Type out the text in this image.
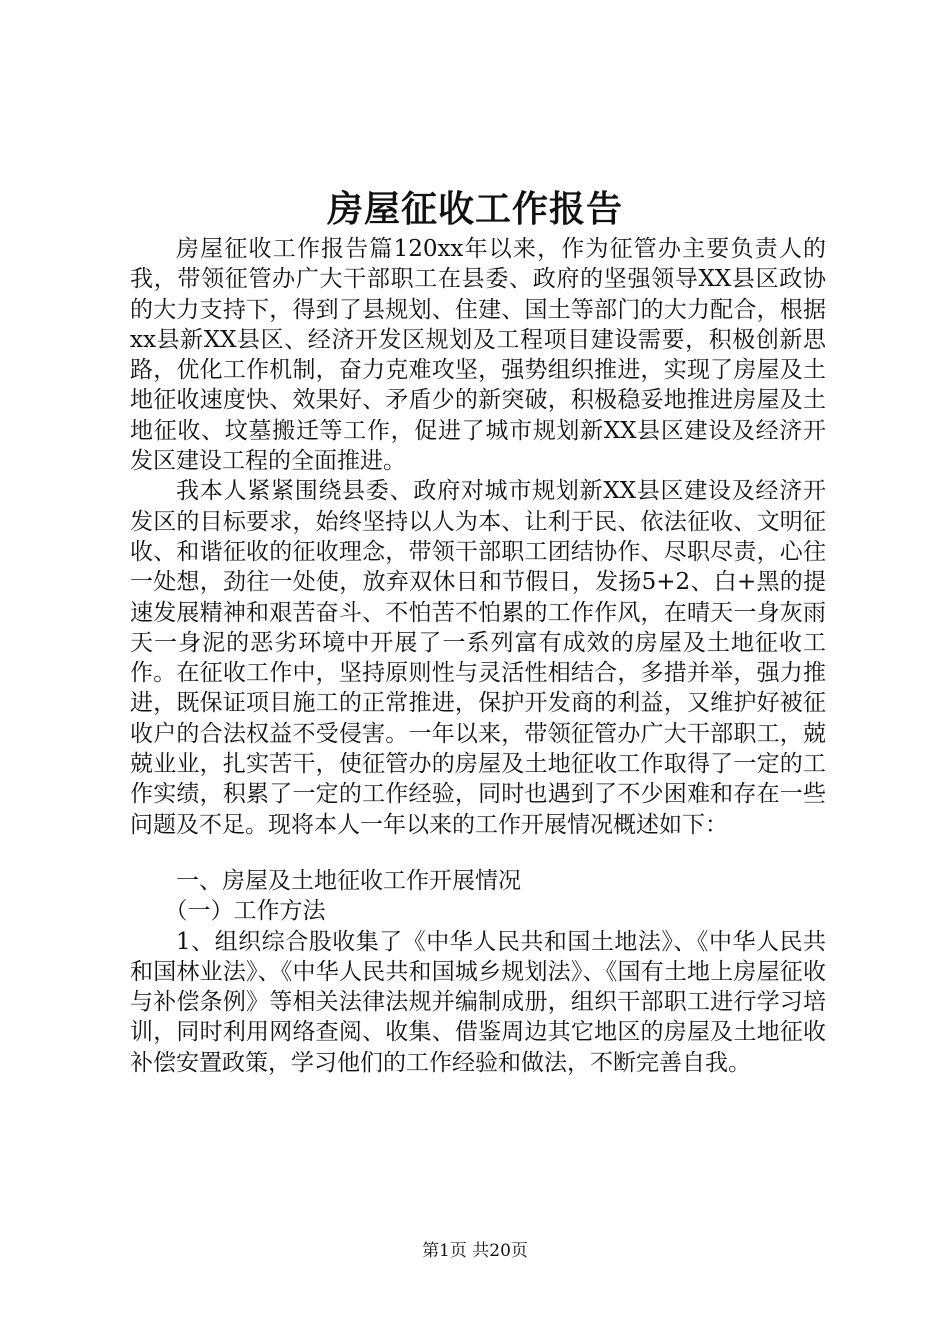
房屋征收工作报告

房屋征收工作报告篇120xx年以来，作为征管办主要负责人的我，带领征管办广大干部职工在县委、政府的坚强领导XX县区政协的大力支持下，得到了县规划、住建、国土等部门的大力配合，根据xx县新XX县区、经济开发区规划及工程项目建设需要，积极创新思路，优化工作机制，奋力克难攻坚，强势组织推进，实现了房屋及土地征收速度快、效果好、矛盾少的新突破，积极稳妥地推进房屋及土地征收、坟墓搬迁等工作，促进了城市规划新XX县区建设及经济开发区建设工程的全面推进。

我本人紧紧围绕县委、政府对城市规划新XX县区建设及经济开发区的目标要求，始终坚持以人为本、让利于民、依法征收、文明征收、和谐征收的征收理念，带领干部职工团结协作、尽职尽责，心往一处想，劲往一处使，放弃双休日和节假日，发扬5+2、白+黑的提速发展精神和艰苦奋斗、不怕苦不怕累的工作作风，在晴天一身灰雨天一身泥的恶劣环境中开展了一系列富有成效的房屋及土地征收工作。在征收工作中，坚持原则性与灵活性相结合，多措并举，强力推进，既保证项目施工的正常推进，保护开发商的利益，又维护好被征收户的合法权益不受侵害。一年以来，带领征管办广大干部职工，兢兢业业，扎实苦干，使征管办的房屋及土地征收工作取得了一定的工作实绩，积累了一定的工作经验，同时也遇到了不少困难和存在一些问题及不足。现将本人一年以来的工作开展情况概述如下：

一、房屋及土地征收工作开展情况

（一）工作方法

1、组织综合股收集了《中华人民共和国土地法》、《中华人民共和国林业法》、《中华人民共和国城乡规划法》、《国有土地上房屋征收与补偿条例》等相关法律法规并编制成册，组织干部职工进行学习培训，同时利用网络查阅、收集、借鉴周边其它地区的房屋及土地征收补偿安置政策，学习他们的工作经验和做法，不断完善自我。

第1页 共20页
